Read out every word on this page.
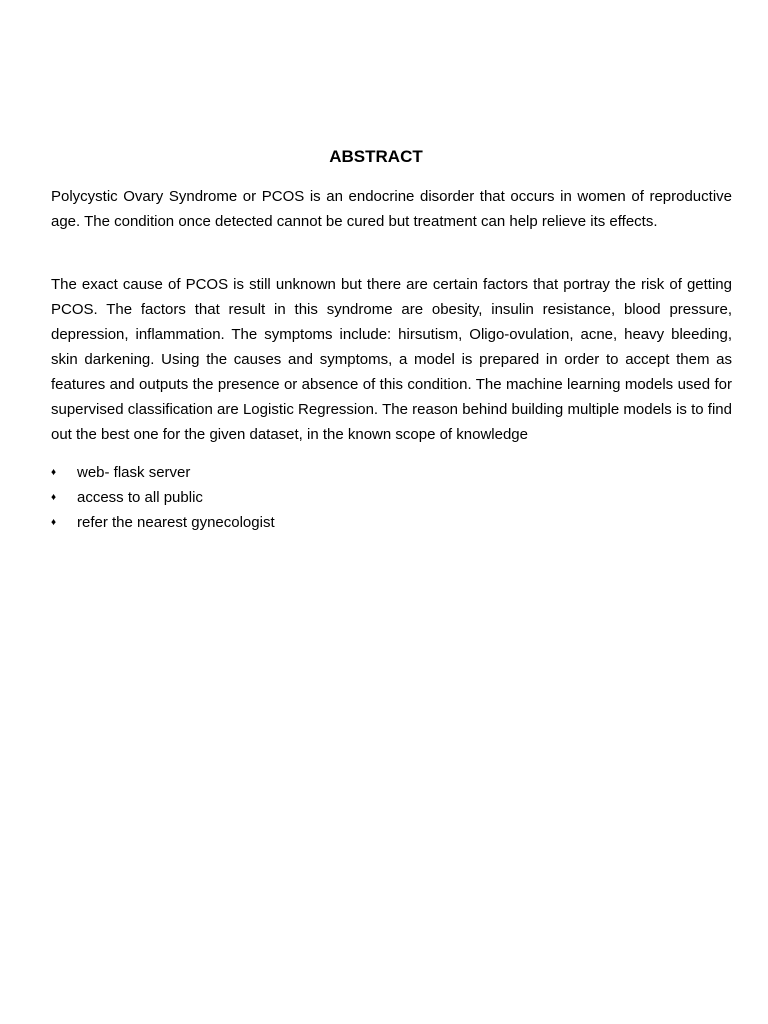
ABSTRACT

Polycystic Ovary Syndrome or PCOS is an endocrine disorder that occurs in women of reproductive age. The condition once detected cannot be cured but treatment can help relieve its effects.

The exact cause of PCOS is still unknown but there are certain factors that portray the risk of getting PCOS. The factors that result in this syndrome are obesity, insulin resistance, blood pressure, depression, inflammation. The symptoms include: hirsutism, Oligo-ovulation, acne, heavy bleeding, skin darkening. Using the causes and symptoms, a model is prepared in order to accept them as features and outputs the presence or absence of this condition. The machine learning models used for supervised classification are Logistic Regression. The reason behind building multiple models is to find out the best one for the given dataset, in the known scope of knowledge

♦ web- flask server
♦ access to all public
♦ refer the nearest gynecologist
